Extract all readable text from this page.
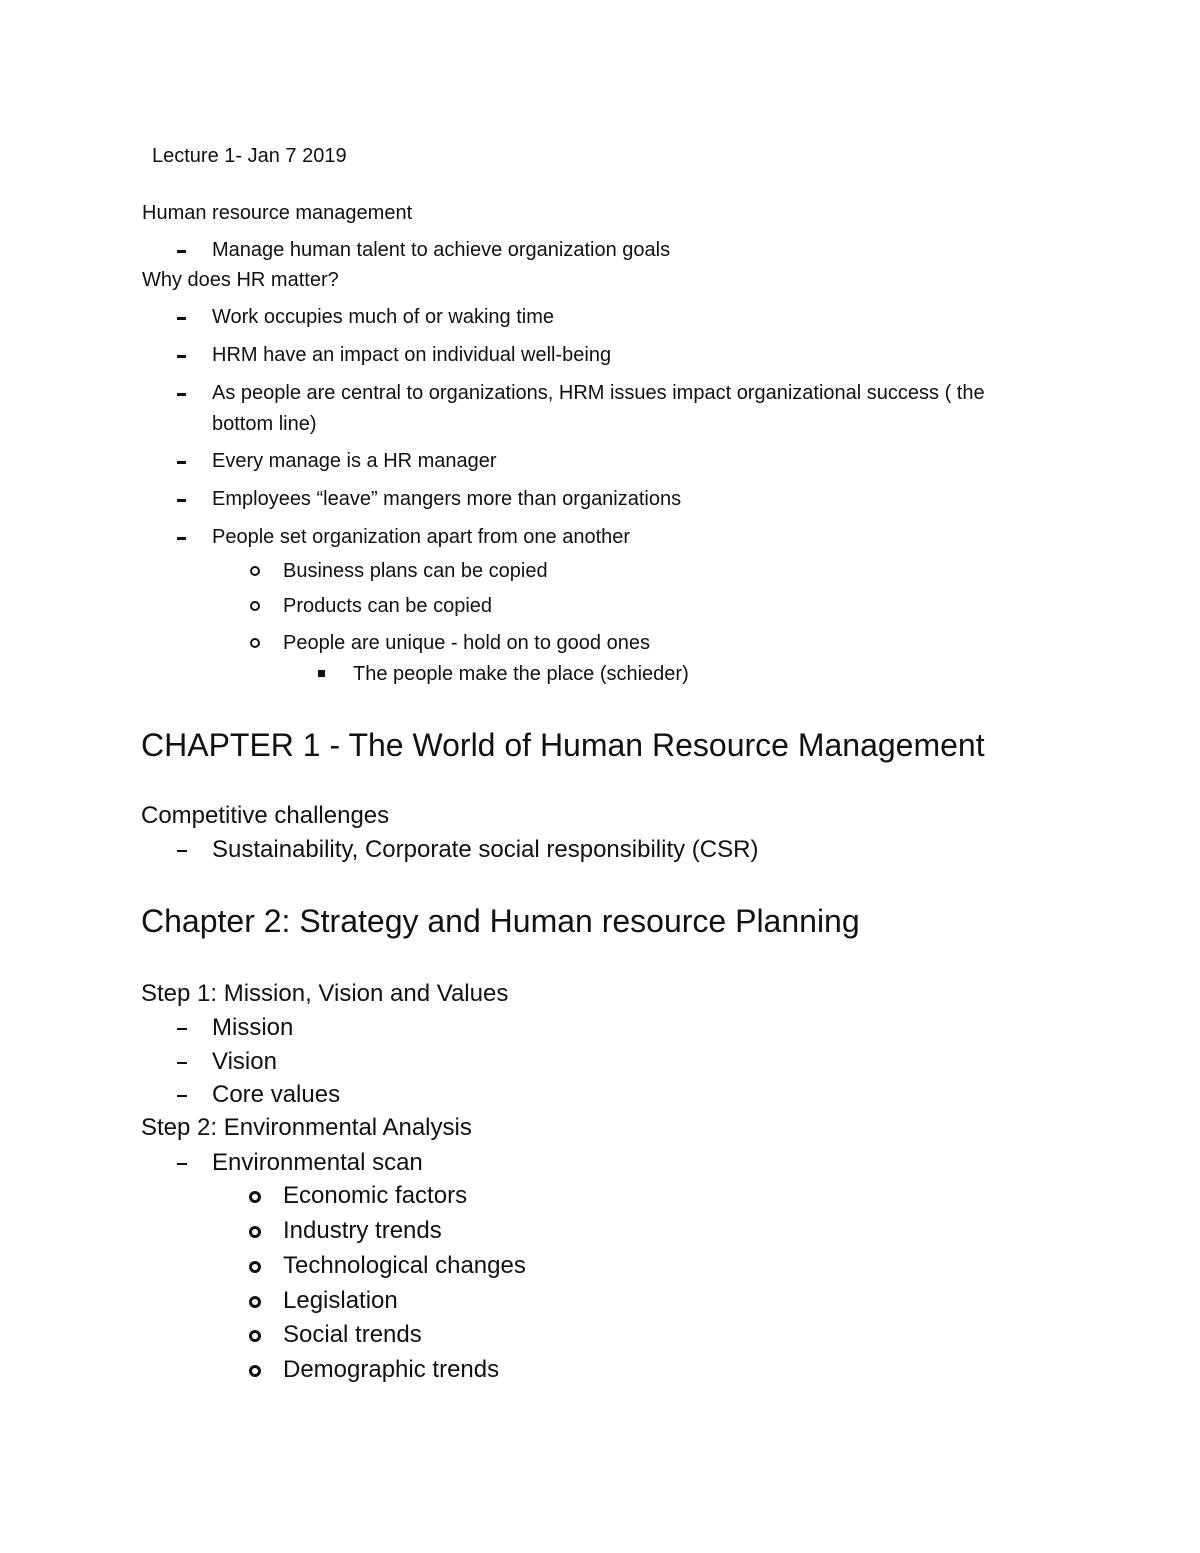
Lecture 1- Jan 7 2019
Human resource management
Manage human talent to achieve organization goals
Why does HR matter?
Work occupies much of or waking time
HRM have an impact on individual well-being
As people are central to organizations, HRM issues impact organizational success ( the
bottom line)
Every manage is a HR manager
Employees “leave” mangers more than organizations
People set organization apart from one another
Business plans can be copied
Products can be copied
People are unique - hold on to good ones
The people make the place (schieder)
CHAPTER 1 - The World of Human Resource Management
Competitive challenges
Sustainability, Corporate social responsibility (CSR)
Chapter 2: Strategy and Human resource Planning
Step 1: Mission, Vision and Values
Mission
Vision
Core values
Step 2: Environmental Analysis
Environmental scan
Economic factors
Industry trends
Technological changes
Legislation
Social trends
Demographic trends
